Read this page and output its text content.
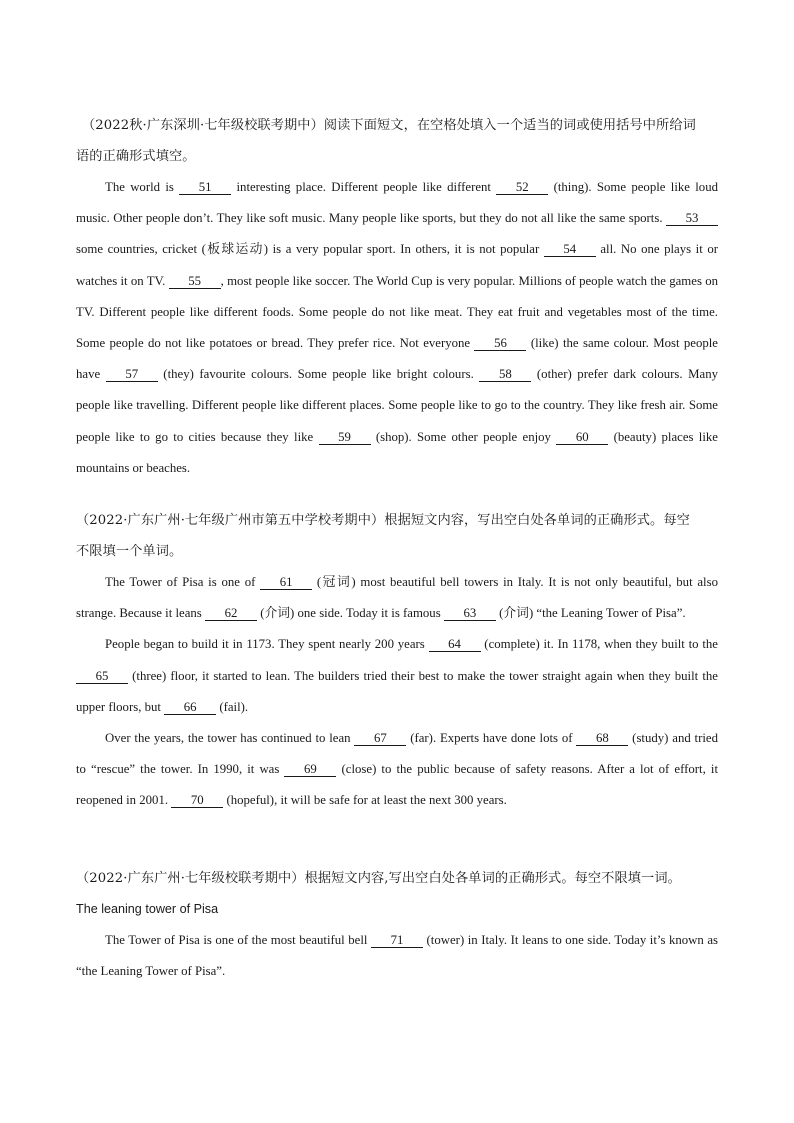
（2022秋·广东深圳·七年级校联考期中）阅读下面短文，在空格处填入一个适当的词或使用括号中所给词

语的正确形式填空。

The world is 51 interesting place. Different people like different 52 (thing). Some people like loud music. Other people don’t. They like soft music. Many people like sports, but they do not all like the same sports. 53 some countries, cricket (板球运动) is a very popular sport. In others, it is not popular 54 all. No one plays it or watches it on TV. 55 , most people like soccer. The World Cup is very popular. Millions of people watch the games on TV. Different people like different foods. Some people do not like meat. They eat fruit and vegetables most of the time. Some people do not like potatoes or bread. They prefer rice. Not everyone 56 (like) the same colour. Most people have 57 (they) favourite colours. Some people like bright colours. 58 (other) prefer dark colours. Many people like travelling. Different people like different places. Some people like to go to the country. They like fresh air. Some people like to go to cities because they like 59 (shop). Some other people enjoy 60 (beauty) places like mountains or beaches.

（2022·广东广州·七年级广州市第五中学校考期中）根据短文内容，写出空白处各单词的正确形式。每空

不限填一个单词。

The Tower of Pisa is one of 61 (冠词) most beautiful bell towers in Italy. It is not only beautiful, but also strange. Because it leans 62 (介词) one side. Today it is famous 63 (介词) “the Leaning Tower of Pisa”.

People began to build it in 1173. They spent nearly 200 years 64 (complete) it. In 1178, when they built to the 65 (three) floor, it started to lean. The builders tried their best to make the tower straight again when they built the upper floors, but 66 (fail).

Over the years, the tower has continued to lean 67 (far). Experts have done lots of 68 (study) and tried to “rescue” the tower. In 1990, it was 69 (close) to the public because of safety reasons. After a lot of effort, it reopened in 2001. 70 (hopeful), it will be safe for at least the next 300 years.

（2022·广东广州·七年级校联考期中）根据短文内容,写出空白处各单词的正确形式。每空不限填一词。

The leaning tower of Pisa

The Tower of Pisa is one of the most beautiful bell 71 (tower) in Italy. It leans to one side. Today it’s known as “the Leaning Tower of Pisa”.
